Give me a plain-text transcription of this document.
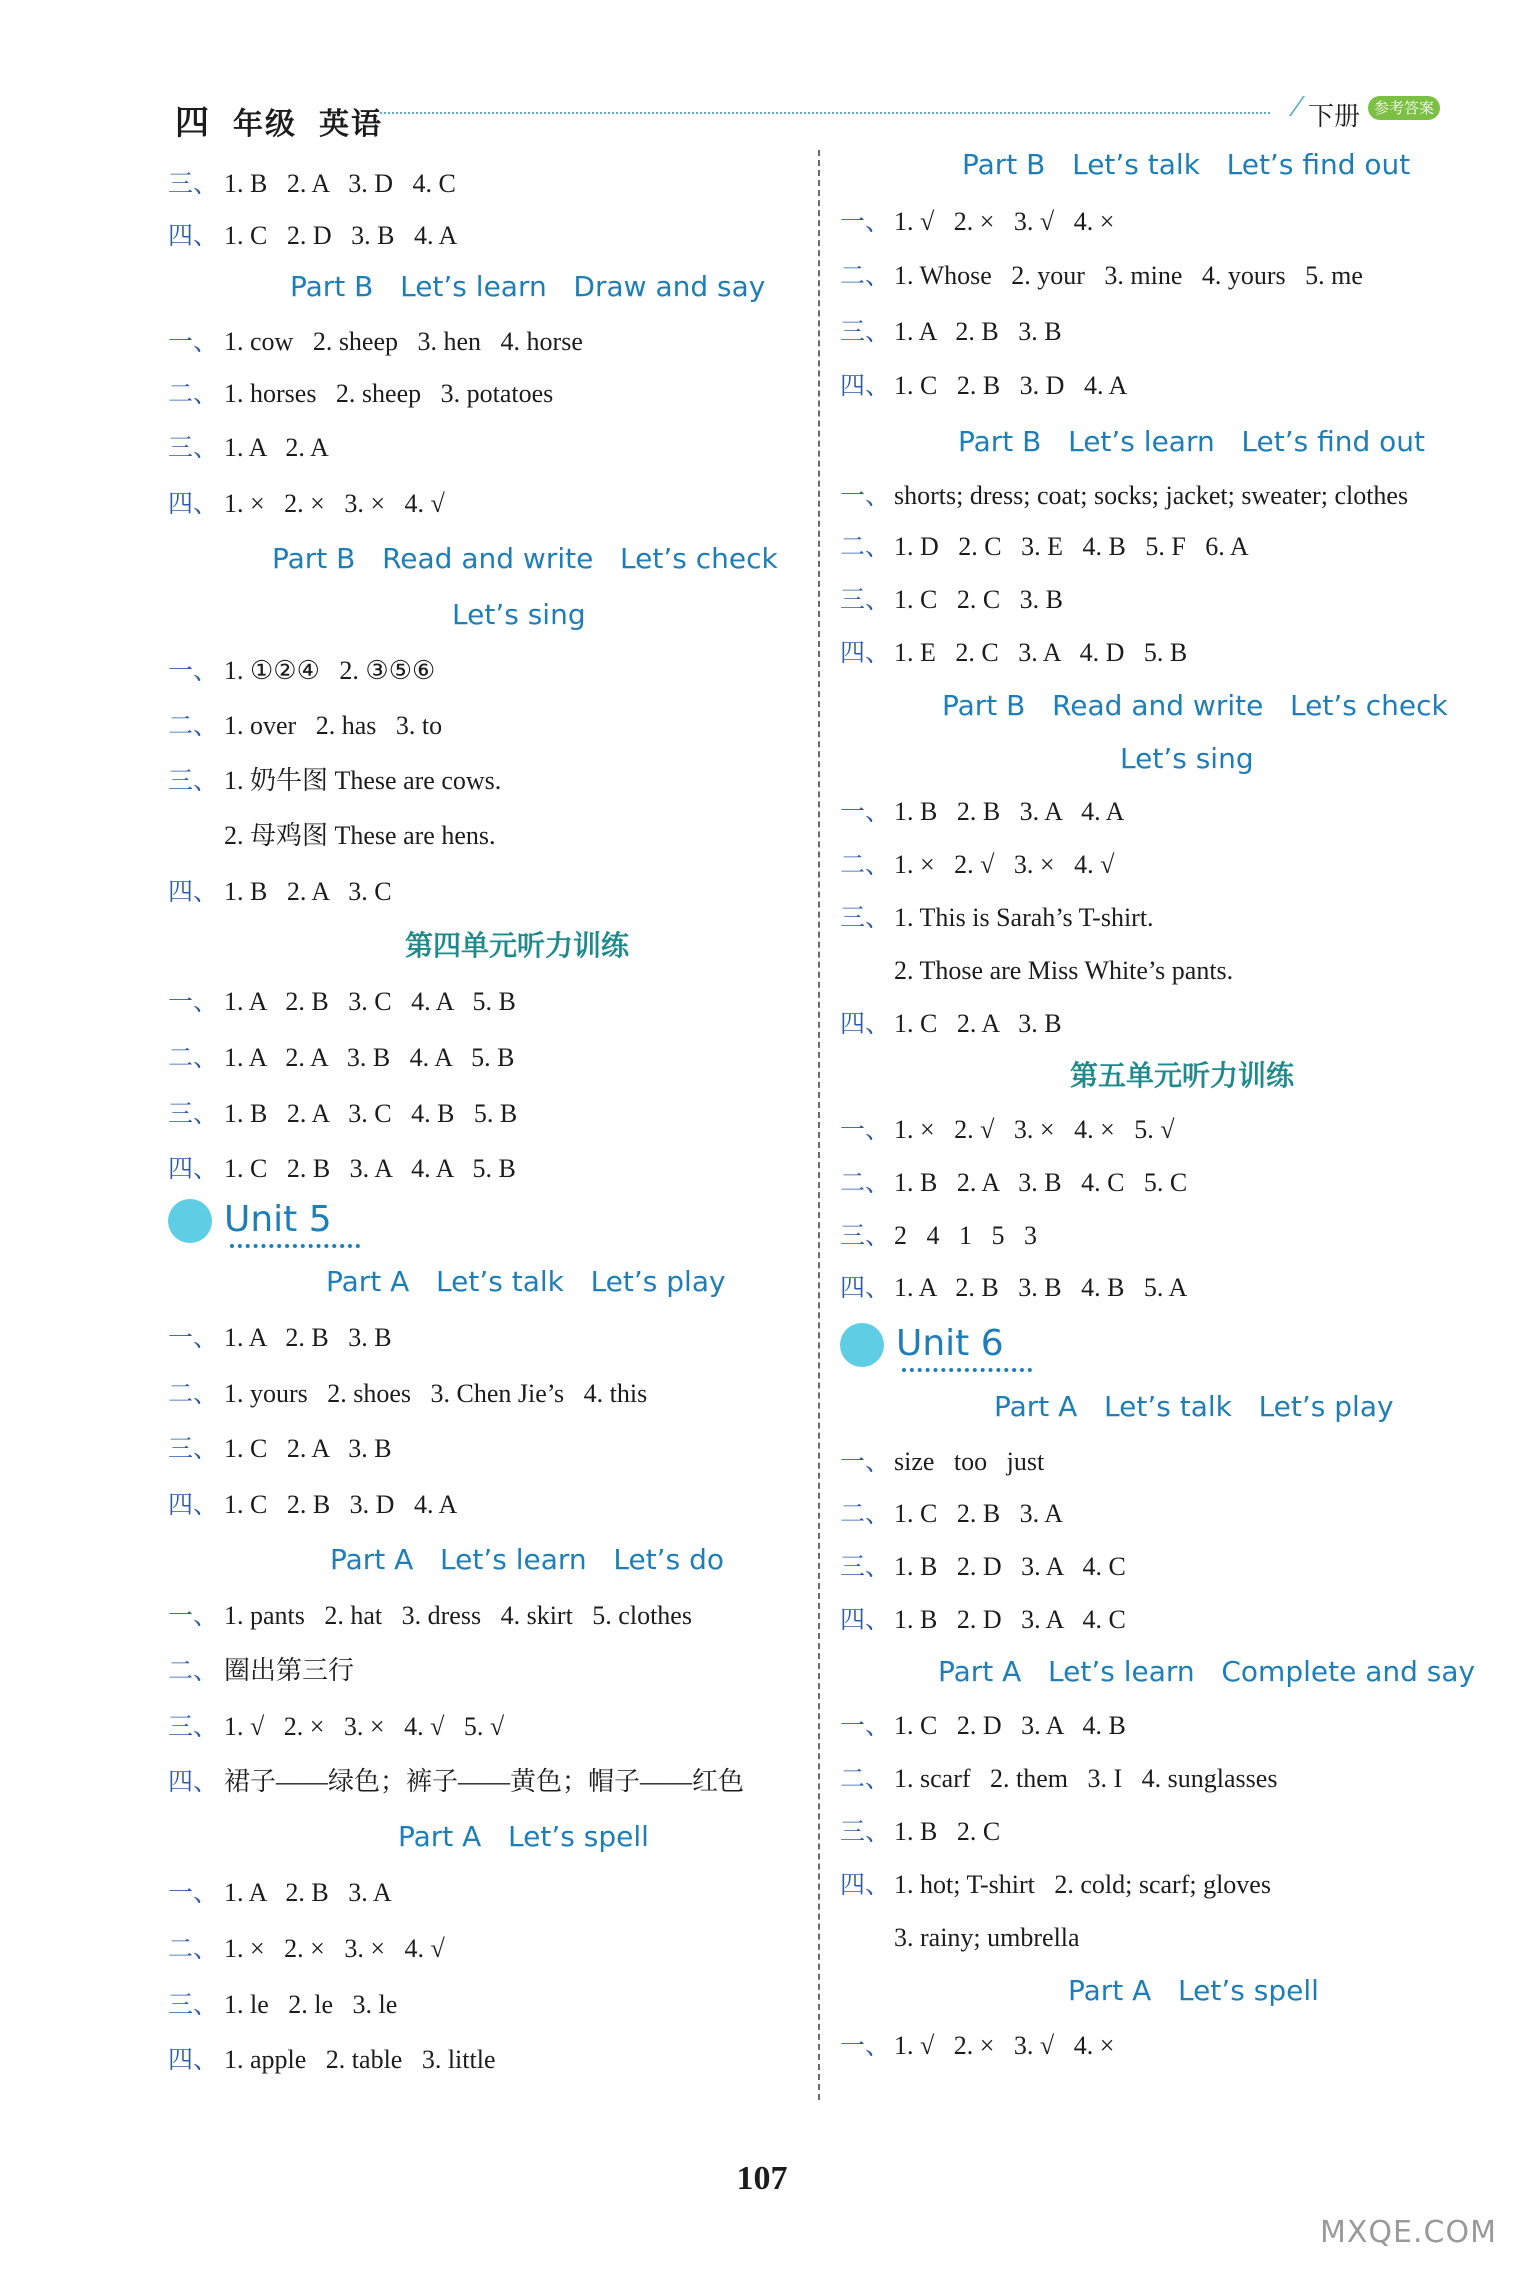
四 年级 英语	下册 参考答案
三、 1. B   2. A   3. D   4. C
四、 1. C   2. D   3. B   4. A
Part B   Let’s learn   Draw and say
一、 1. cow   2. sheep   3. hen   4. horse
二、 1. horses   2. sheep   3. potatoes
三、 1. A   2. A
四、 1. ×   2. ×   3. ×   4. √
Part B   Read and write   Let’s check
Let’s sing
一、 1. ①②④   2. ③⑤⑥
二、 1. over   2. has   3. to
三、 1. 奶牛图 These are cows.
2. 母鸡图 These are hens.
四、 1. B   2. A   3. C
第四单元听力训练
一、 1. A   2. B   3. C   4. A   5. B
二、 1. A   2. A   3. B   4. A   5. B
三、 1. B   2. A   3. C   4. B   5. B
四、 1. C   2. B   3. A   4. A   5. B
Unit 5
Part A   Let’s talk   Let’s play
一、 1. A   2. B   3. B
二、 1. yours   2. shoes   3. Chen Jie’s   4. this
三、 1. C   2. A   3. B
四、 1. C   2. B   3. D   4. A
Part A   Let’s learn   Let’s do
一、 1. pants   2. hat   3. dress   4. skirt   5. clothes
二、 圈出第三行
三、 1. √   2. ×   3. ×   4. √   5. √
四、 裙子——绿色；裤子——黄色；帽子——红色
Part A   Let’s spell
一、 1. A   2. B   3. A
二、 1. ×   2. ×   3. ×   4. √
三、 1. le   2. le   3. le
四、 1. apple   2. table   3. little
Part B   Let’s talk   Let’s find out
一、 1. √   2. ×   3. √   4. ×
二、 1. Whose   2. your   3. mine   4. yours   5. me
三、 1. A   2. B   3. B
四、 1. C   2. B   3. D   4. A
Part B   Let’s learn   Let’s find out
一、 shorts; dress; coat; socks; jacket; sweater; clothes
二、 1. D   2. C   3. E   4. B   5. F   6. A
三、 1. C   2. C   3. B
四、 1. E   2. C   3. A   4. D   5. B
Part B   Read and write   Let’s check
Let’s sing
一、 1. B   2. B   3. A   4. A
二、 1. ×   2. √   3. ×   4. √
三、 1. This is Sarah’s T-shirt.
2. Those are Miss White’s pants.
四、 1. C   2. A   3. B
第五单元听力训练
一、 1. ×   2. √   3. ×   4. ×   5. √
二、 1. B   2. A   3. B   4. C   5. C
三、 2   4   1   5   3
四、 1. A   2. B   3. B   4. B   5. A
Unit 6
Part A   Let’s talk   Let’s play
一、 size   too   just
二、 1. C   2. B   3. A
三、 1. B   2. D   3. A   4. C
四、 1. B   2. D   3. A   4. C
Part A   Let’s learn   Complete and say
一、 1. C   2. D   3. A   4. B
二、 1. scarf   2. them   3. I   4. sunglasses
三、 1. B   2. C
四、 1. hot; T-shirt   2. cold; scarf; gloves
3. rainy; umbrella
Part A   Let’s spell
一、 1. √   2. ×   3. √   4. ×
107
MXQE.COM
